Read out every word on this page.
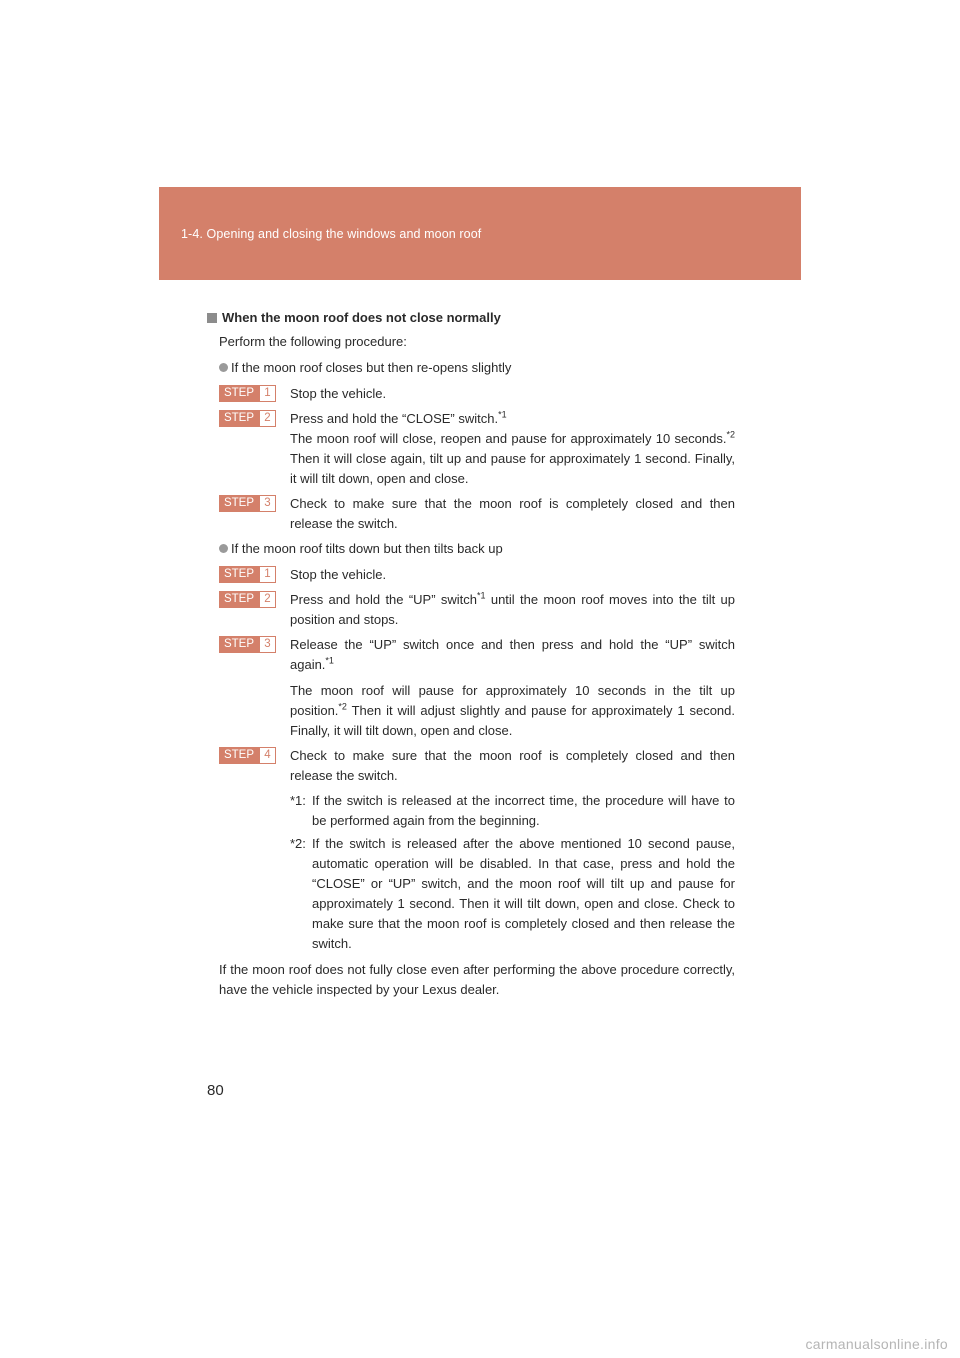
1-4. Opening and closing the windows and moon roof
When the moon roof does not close normally

Perform the following procedure:

If the moon roof closes but then re-opens slightly
STEP 1	Stop the vehicle.

STEP 2	Press and hold the “CLOSE” switch.$^{*1}$

The moon roof will close, reopen and pause for approximately 10 seconds.$^{*2}$ Then it will close again, tilt up and pause for approximately 1 second. Finally, it will tilt down, open and close.

STEP 3	Check to make sure that the moon roof is completely closed and then release the switch.

If the moon roof tilts down but then tilts back up
STEP 1	Stop the vehicle.

STEP 2	Press and hold the “UP” switch$^{*1}$ until the moon roof moves into the tilt up position and stops.

STEP 3	Release the “UP” switch once and then press and hold the “UP” switch again.$^{*1}$

The moon roof will pause for approximately 10 seconds in the tilt up position.$^{*2}$ Then it will adjust slightly and pause for approximately 1 second. Finally, it will tilt down, open and close.

STEP 4	Check to make sure that the moon roof is completely closed and then release the switch.

*1: If the switch is released at the incorrect time, the procedure will have to be performed again from the beginning.
*2: If the switch is released after the above mentioned 10 second pause, automatic operation will be disabled. In that case, press and hold the “CLOSE” or “UP” switch, and the moon roof will tilt up and pause for approximately 1 second. Then it will tilt down, open and close. Check to make sure that the moon roof is completely closed and then release the switch.

If the moon roof does not fully close even after performing the above procedure correctly, have the vehicle inspected by your Lexus dealer.

80
carmanualsonline.info
